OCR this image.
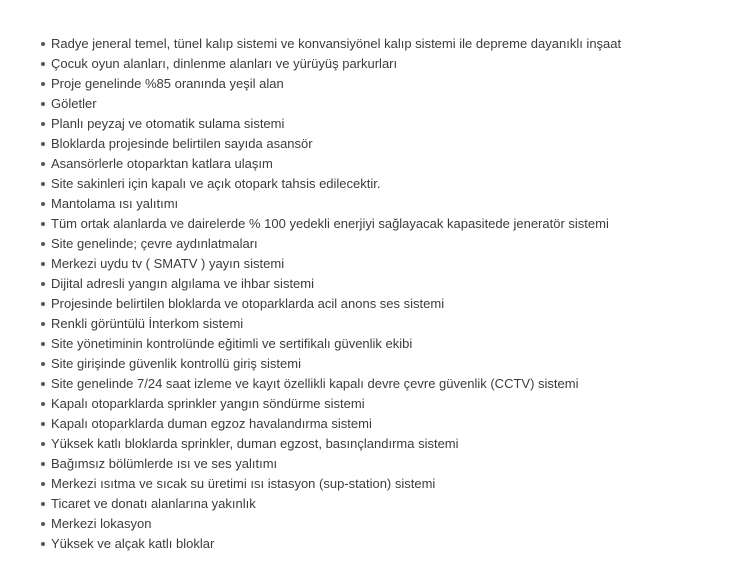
Radye jeneral temel, tünel kalıp sistemi ve konvansiyönel kalıp sistemi ile depreme dayanıklı inşaat
Çocuk oyun alanları, dinlenme alanları ve yürüyüş parkurları
Proje genelinde %85 oranında yeşil alan
Göletler
Planlı peyzaj ve otomatik sulama sistemi
Bloklarda projesinde belirtilen sayıda asansör
Asansörlerle otoparktan katlara ulaşım
Site sakinleri için kapalı ve açık otopark tahsis edilecektir.
Mantolama ısı yalıtımı
Tüm ortak alanlarda ve dairelerde % 100 yedekli enerjiyi sağlayacak kapasitede jeneratör sistemi
Site genelinde; çevre aydınlatmaları
Merkezi uydu tv ( SMATV ) yayın sistemi
Dijital adresli yangın algılama ve ihbar sistemi
Projesinde belirtilen bloklarda ve otoparklarda acil anons ses sistemi
Renkli görüntülü İnterkom sistemi
Site yönetiminin kontrolünde eğitimli ve sertifikalı güvenlik ekibi
Site girişinde güvenlik kontrollü giriş sistemi
Site genelinde 7/24 saat izleme ve kayıt özellikli kapalı devre çevre güvenlik (CCTV) sistemi
Kapalı otoparklarda sprinkler yangın söndürme sistemi
Kapalı otoparklarda duman egzoz havalandırma sistemi
Yüksek katlı bloklarda sprinkler, duman egzost, basınçlandırma sistemi
Bağımsız bölümlerde ısı ve ses yalıtımı
Merkezi ısıtma ve sıcak su üretimi ısı istasyon (sup-station) sistemi
Ticaret ve donatı alanlarına yakınlık
Merkezi lokasyon
Yüksek ve alçak katlı bloklar
